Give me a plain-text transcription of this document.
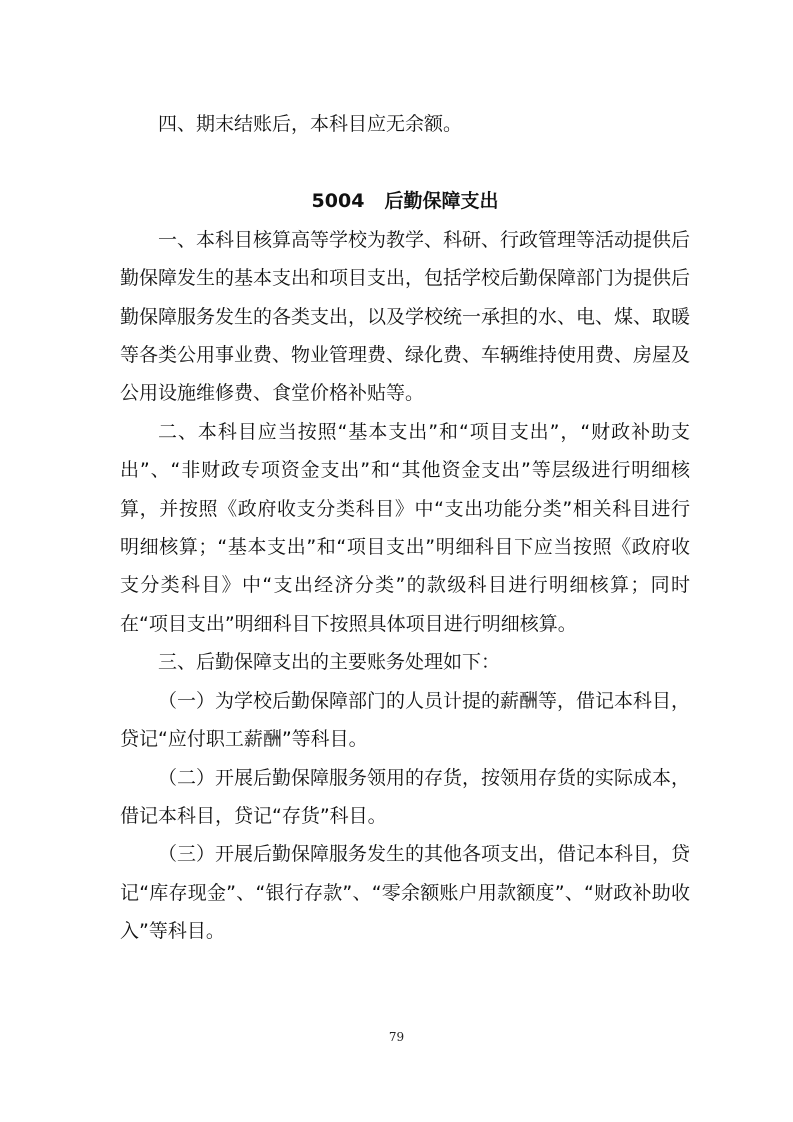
四、期末结账后，本科目应无余额。

5004 后勤保障支出

一、本科目核算高等学校为教学、科研、行政管理等活动提供后勤保障发生的基本支出和项目支出，包括学校后勤保障部门为提供后勤保障服务发生的各类支出，以及学校统一承担的水、电、煤、取暖等各类公用事业费、物业管理费、绿化费、车辆维持使用费、房屋及公用设施维修费、食堂价格补贴等。

二、本科目应当按照“基本支出”和“项目支出”，“财政补助支出”、“非财政专项资金支出”和“其他资金支出”等层级进行明细核算，并按照《政府收支分类科目》中“支出功能分类”相关科目进行明细核算；“基本支出”和“项目支出”明细科目下应当按照《政府收支分类科目》中“支出经济分类”的款级科目进行明细核算；同时在“项目支出”明细科目下按照具体项目进行明细核算。

三、后勤保障支出的主要账务处理如下：

（一）为学校后勤保障部门的人员计提的薪酬等，借记本科目，贷记“应付职工薪酬”等科目。

（二）开展后勤保障服务领用的存货，按领用存货的实际成本，借记本科目，贷记“存货”科目。

（三）开展后勤保障服务发生的其他各项支出，借记本科目，贷记“库存现金”、“银行存款”、“零余额账户用款额度”、“财政补助收入”等科目。

79
